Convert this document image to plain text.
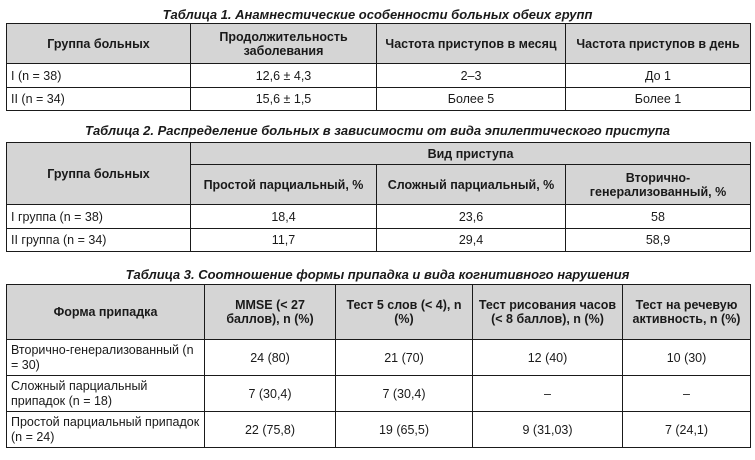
Таблица 1. Анамнестические особенности больных обеих групп
Группа больных	Продолжительность заболевания	Частота приступов в месяц	Частота приступов в день
I (n = 38)	12,6 ± 4,3	2–3	До 1
II (n = 34)	15,6 ± 1,5	Более 5	Более 1
Таблица 2. Распределение больных в зависимости от вида эпилептического приступа
Группа больных	Вид приступа		
	Простой парциальный, %	Сложный парциальный, %	Вторично-генерализованный, %
I группа (n = 38)	18,4	23,6	58
II группа (n = 34)	11,7	29,4	58,9
Таблица 3. Соотношение формы припадка и вида когнитивного нарушения
Форма припадка	MMSE (< 27 баллов), n (%)	Тест 5 слов (< 4), n (%)	Тест рисования часов (< 8 баллов), n (%)	Тест на речевую активность, n (%)
Вторично-генерализованный (n = 30)	24 (80)	21 (70)	12 (40)	10 (30)
Сложный парциальный припадок (n = 18)	7 (30,4)	7 (30,4)	–	–
Простой парциальный припадок (n = 24)	22 (75,8)	19 (65,5)	9 (31,03)	7 (24,1)
